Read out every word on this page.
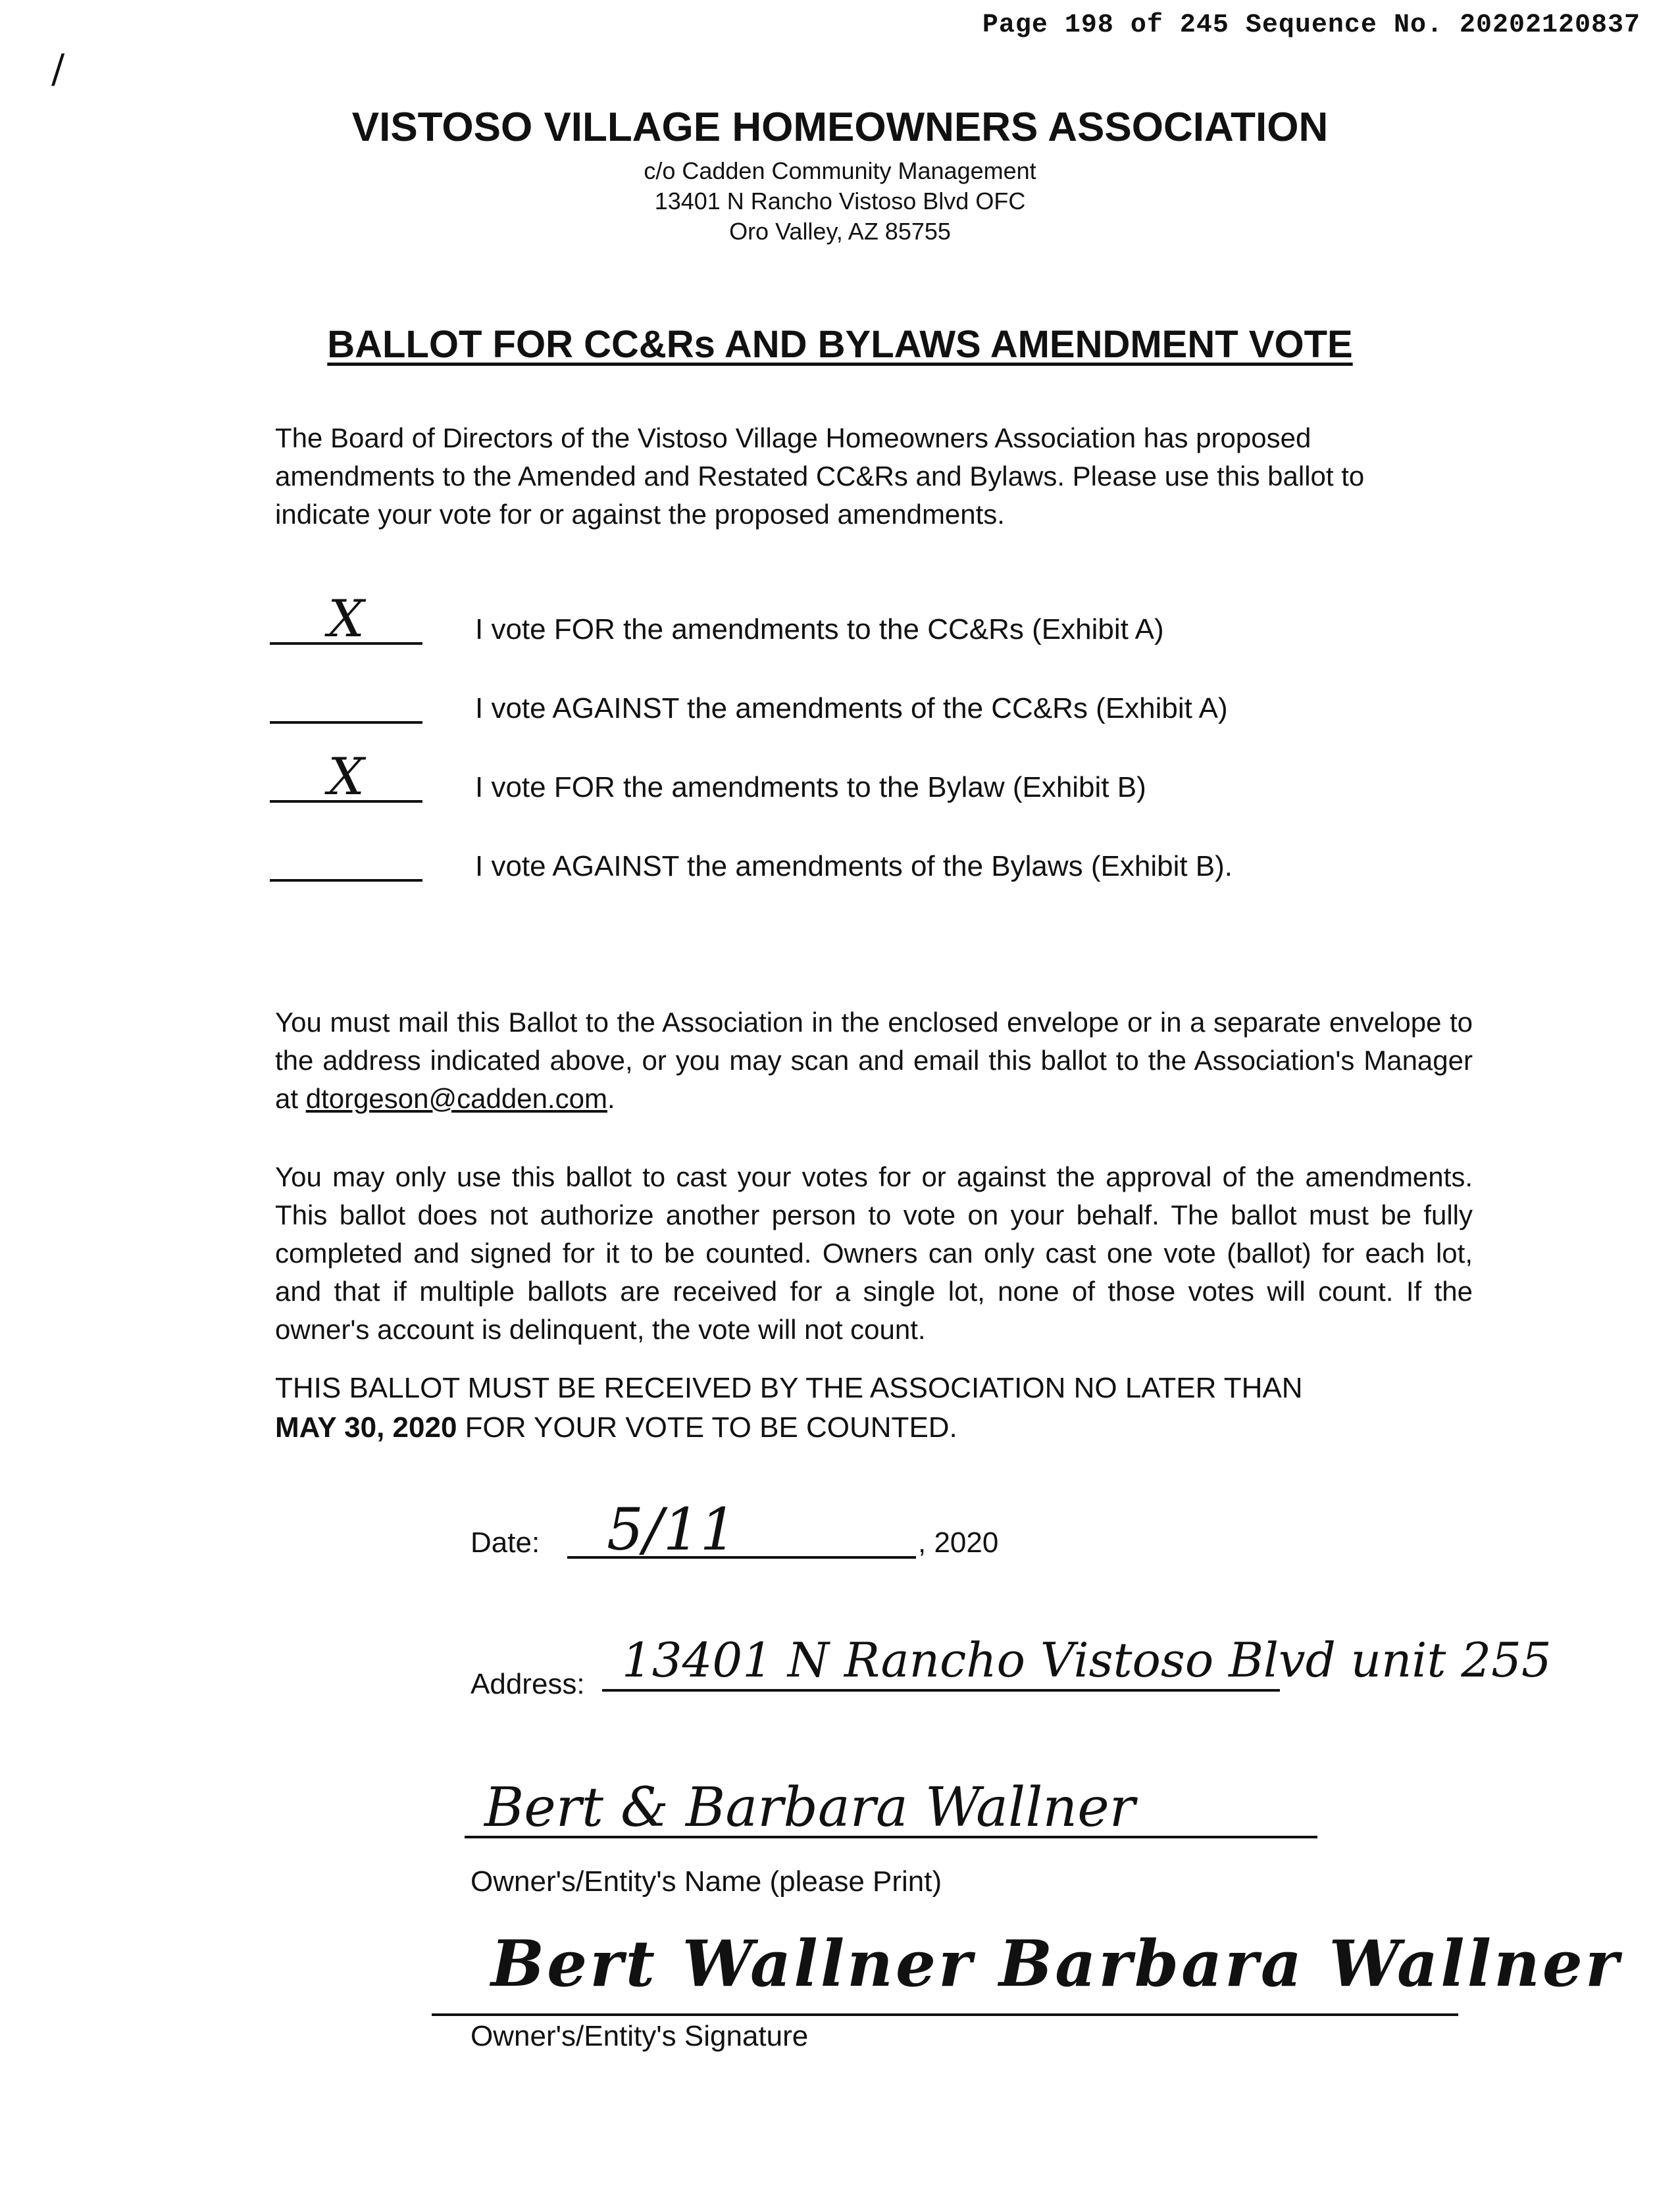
Page 198 of 245 Sequence No. 20202120837
/
VISTOSO VILLAGE HOMEOWNERS ASSOCIATION
c/o Cadden Community Management
13401 N Rancho Vistoso Blvd OFC
Oro Valley, AZ 85755
BALLOT FOR CC&Rs AND BYLAWS AMENDMENT VOTE
The Board of Directors of the Vistoso Village Homeowners Association has proposed amendments to the Amended and Restated CC&Rs and Bylaws. Please use this ballot to indicate your vote for or against the proposed amendments.
X	I vote FOR the amendments to the CC&Rs (Exhibit A)
I vote AGAINST the amendments of the CC&Rs (Exhibit A)
X	I vote FOR the amendments to the Bylaw (Exhibit B)
I vote AGAINST the amendments of the Bylaws (Exhibit B).
You must mail this Ballot to the Association in the enclosed envelope or in a separate envelope to the address indicated above, or you may scan and email this ballot to the Association's Manager at dtorgeson@cadden.com.
You may only use this ballot to cast your votes for or against the approval of the amendments. This ballot does not authorize another person to vote on your behalf. The ballot must be fully completed and signed for it to be counted. Owners can only cast one vote (ballot) for each lot, and that if multiple ballots are received for a single lot, none of those votes will count. If the owner's account is delinquent, the vote will not count.
THIS BALLOT MUST BE RECEIVED BY THE ASSOCIATION NO LATER THAN
MAY 30, 2020 FOR YOUR VOTE TO BE COUNTED.
Date: 5/11	, 2020
Address: 13401 N Rancho Vistoso Blvd unit 255
Bert & Barbara Wallner
Owner's/Entity's Name (please Print)
Bert Wallner Barbara Wallner
Owner's/Entity's Signature
